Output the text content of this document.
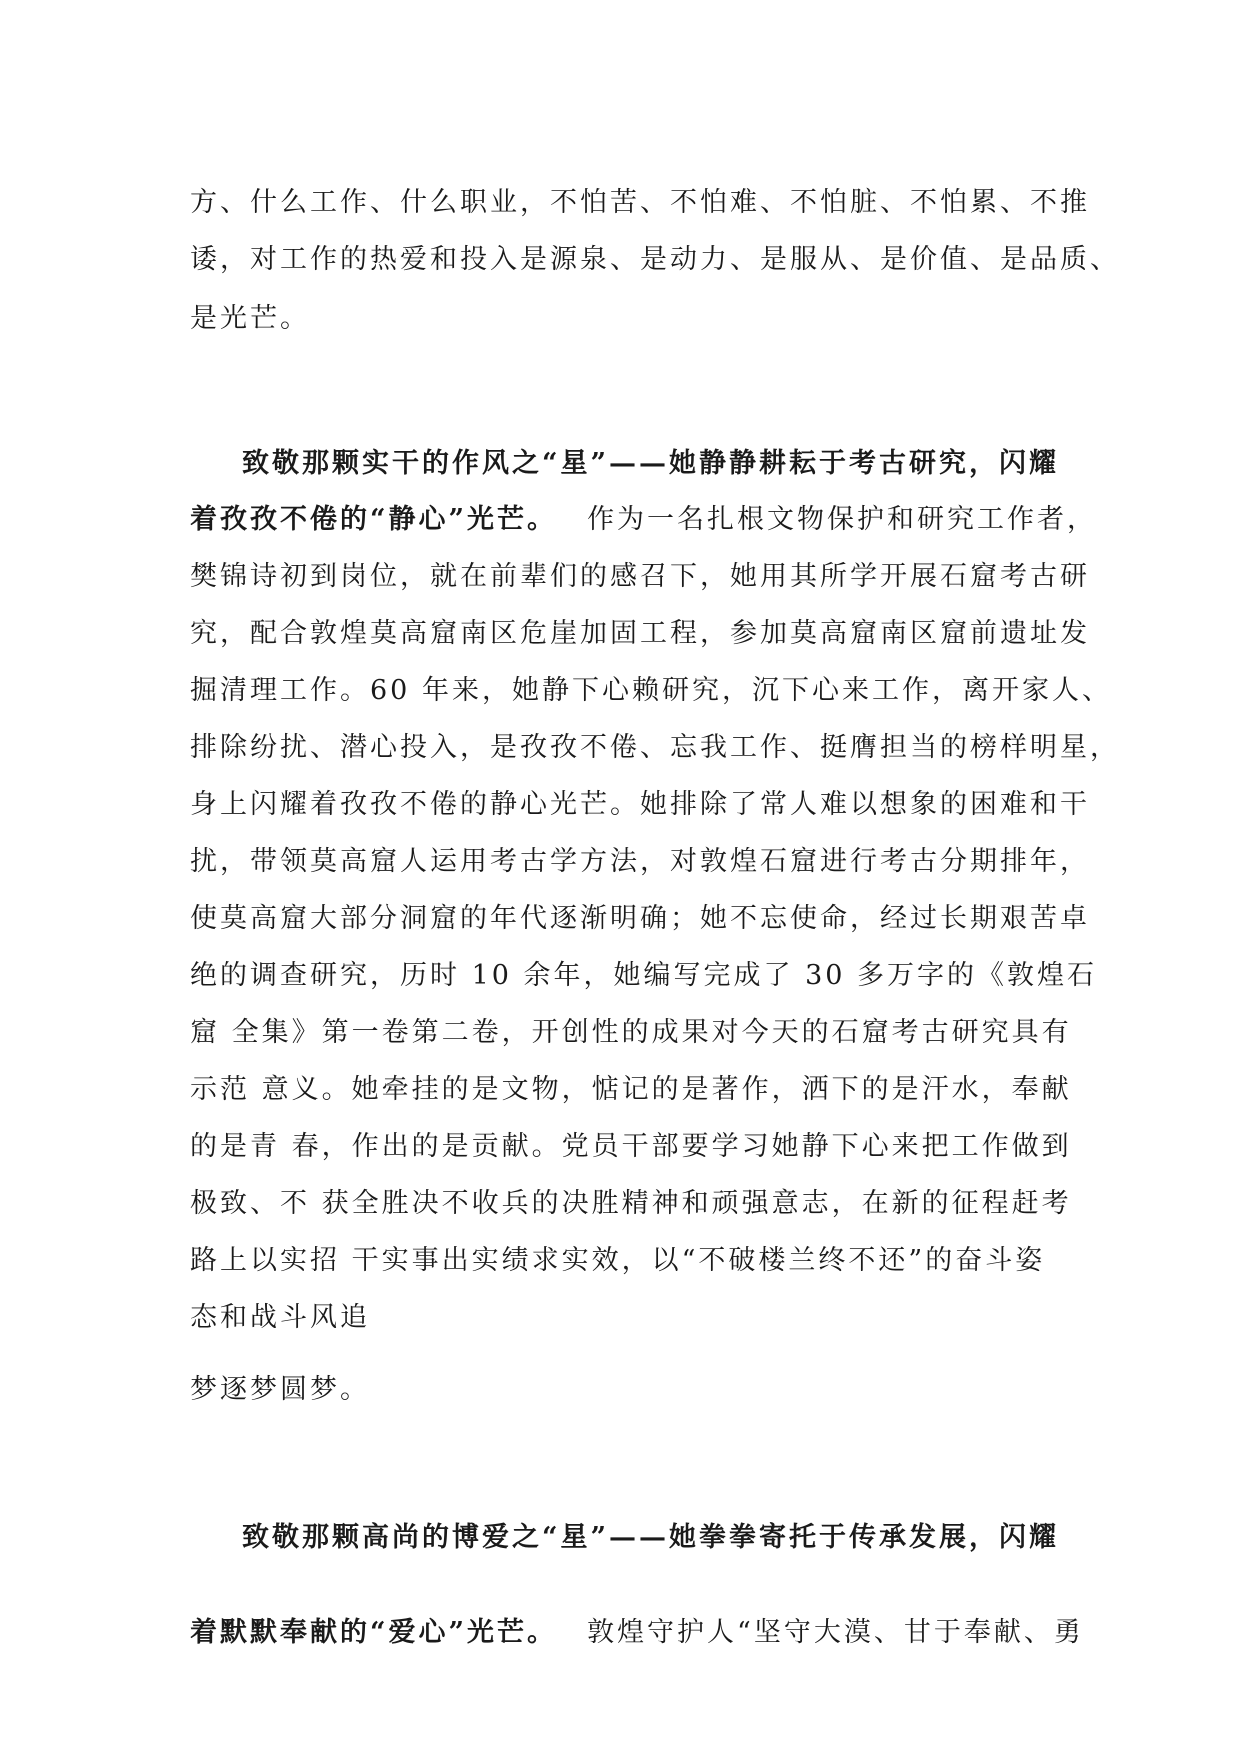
方、什么工作、什么职业，不怕苦、不怕难、不怕脏、不怕累、不推
诿，对工作的热爱和投入是源泉、是动力、是服从、是价值、是品质、
是光芒。
致敬那颗实干的作风之“星”——她静静耕耘于考古研究，闪耀
着孜孜不倦的“静心”光芒。 作为一名扎根文物保护和研究工作者，
樊锦诗初到岗位，就在前辈们的感召下，她用其所学开展石窟考古研
究，配合敦煌莫高窟南区危崖加固工程，参加莫高窟南区窟前遗址发
掘清理工作。60 年来，她静下心赖研究，沉下心来工作，离开家人、
排除纷扰、潜心投入，是孜孜不倦、忘我工作、挺膺担当的榜样明星，
身上闪耀着孜孜不倦的静心光芒。她排除了常人难以想象的困难和干
扰，带领莫高窟人运用考古学方法，对敦煌石窟进行考古分期排年，
使莫高窟大部分洞窟的年代逐渐明确；她不忘使命，经过长期艰苦卓
绝的调查研究，历时 10 余年，她编写完成了 30 多万字的《敦煌石
窟 全集》第一卷第二卷，开创性的成果对今天的石窟考古研究具有
示范 意义。她牵挂的是文物，惦记的是著作，洒下的是汗水，奉献
的是青 春，作出的是贡献。党员干部要学习她静下心来把工作做到
极致、不 获全胜决不收兵的决胜精神和顽强意志，在新的征程赶考
路上以实招 干实事出实绩求实效，以“不破楼兰终不还”的奋斗姿
态和战斗风追
梦逐梦圆梦。
致敬那颗高尚的博爱之“星”——她拳拳寄托于传承发展，闪耀
着默默奉献的“爱心”光芒。 敦煌守护人“坚守大漠、甘于奉献、勇
